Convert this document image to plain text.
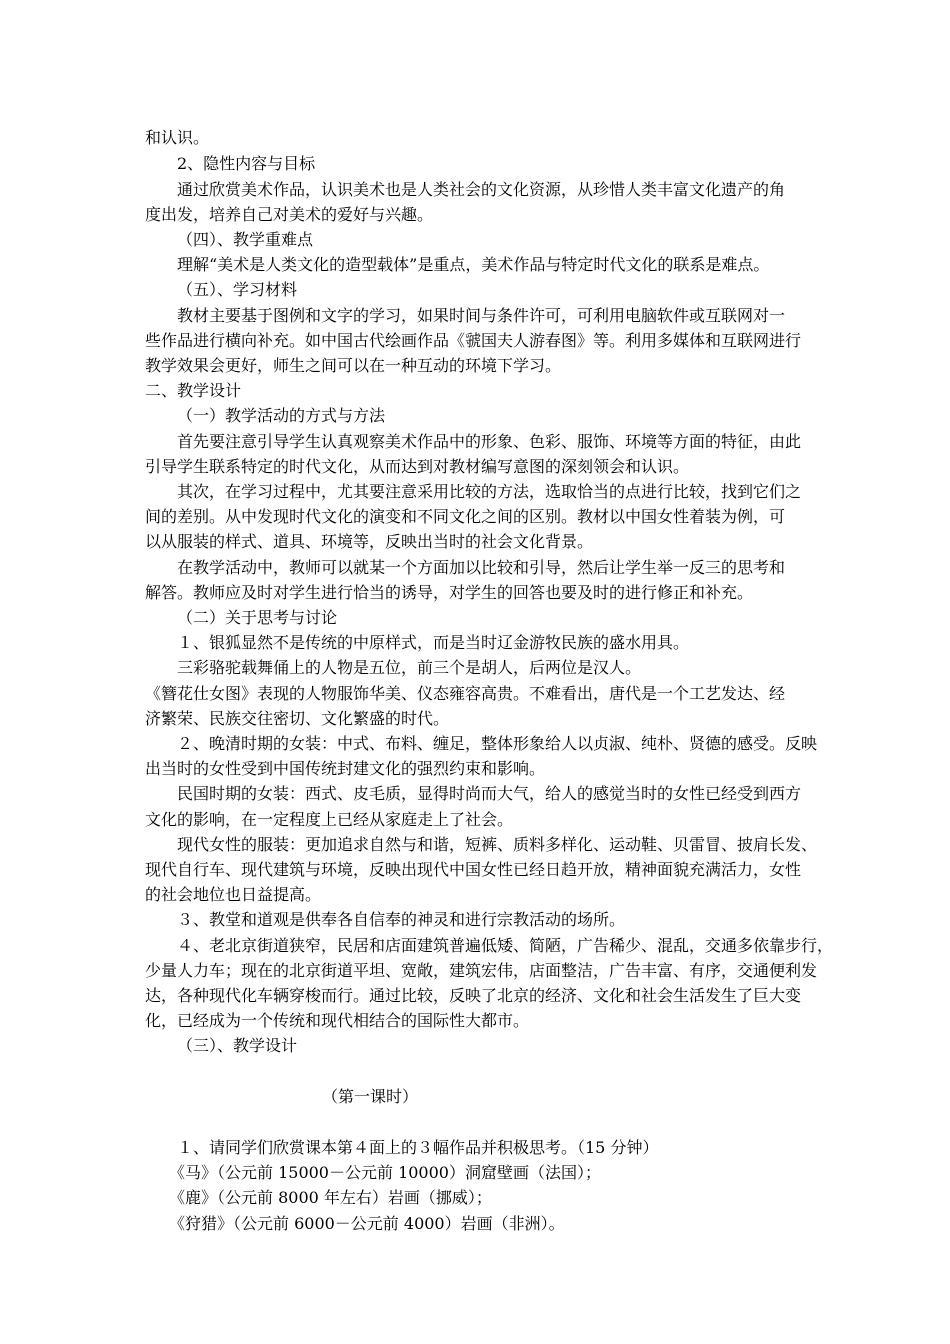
和认识。
2、隐性内容与目标
通过欣赏美术作品，认识美术也是人类社会的文化资源，从珍惜人类丰富文化遗产的角
度出发，培养自己对美术的爱好与兴趣。
（四）、教学重难点
理解“美术是人类文化的造型载体”是重点，美术作品与特定时代文化的联系是难点。
（五）、学习材料
教材主要基于图例和文字的学习，如果时间与条件许可，可利用电脑软件或互联网对一
些作品进行横向补充。如中国古代绘画作品《虢国夫人游春图》等。利用多媒体和互联网进行
教学效果会更好，师生之间可以在一种互动的环境下学习。
二、教学设计
（一）教学活动的方式与方法
首先要注意引导学生认真观察美术作品中的形象、色彩、服饰、环境等方面的特征，由此
引导学生联系特定的时代文化，从而达到对教材编写意图的深刻领会和认识。
其次，在学习过程中，尤其要注意采用比较的方法，选取恰当的点进行比较，找到它们之
间的差别。从中发现时代文化的演变和不同文化之间的区别。教材以中国女性着装为例，可
以从服装的样式、道具、环境等，反映出当时的社会文化背景。
在教学活动中，教师可以就某一个方面加以比较和引导，然后让学生举一反三的思考和
解答。教师应及时对学生进行恰当的诱导，对学生的回答也要及时的进行修正和补充。
（二）关于思考与讨论
１、银狐显然不是传统的中原样式，而是当时辽金游牧民族的盛水用具。
三彩骆驼载舞俑上的人物是五位，前三个是胡人，后两位是汉人。
《簪花仕女图》表现的人物服饰华美、仪态雍容高贵。不难看出，唐代是一个工艺发达、经
济繁荣、民族交往密切、文化繁盛的时代。
２、晚清时期的女装：中式、布料、缠足，整体形象给人以贞淑、纯朴、贤德的感受。反映
出当时的女性受到中国传统封建文化的强烈约束和影响。
民国时期的女装：西式、皮毛质，显得时尚而大气，给人的感觉当时的女性已经受到西方
文化的影响，在一定程度上已经从家庭走上了社会。
现代女性的服装：更加追求自然与和谐，短裤、质料多样化、运动鞋、贝雷冒、披肩长发、
现代自行车、现代建筑与环境，反映出现代中国女性已经日趋开放，精神面貌充满活力，女性
的社会地位也日益提高。
３、教堂和道观是供奉各自信奉的神灵和进行宗教活动的场所。
４、老北京街道狭窄，民居和店面建筑普遍低矮、简陋，广告稀少、混乱，交通多依靠步行，
少量人力车；现在的北京街道平坦、宽敞，建筑宏伟，店面整洁，广告丰富、有序，交通便利发
达，各种现代化车辆穿梭而行。通过比较，反映了北京的经济、文化和社会生活发生了巨大变
化，已经成为一个传统和现代相结合的国际性大都市。
（三）、教学设计
（第一课时）
１、请同学们欣赏课本第４面上的３幅作品并积极思考。（15 分钟）
《马》（公元前 15000－公元前 10000）洞窟壁画（法国）；
《鹿》（公元前 8000 年左右）岩画（挪威）；
《狩猎》（公元前 6000－公元前 4000）岩画（非洲）。
